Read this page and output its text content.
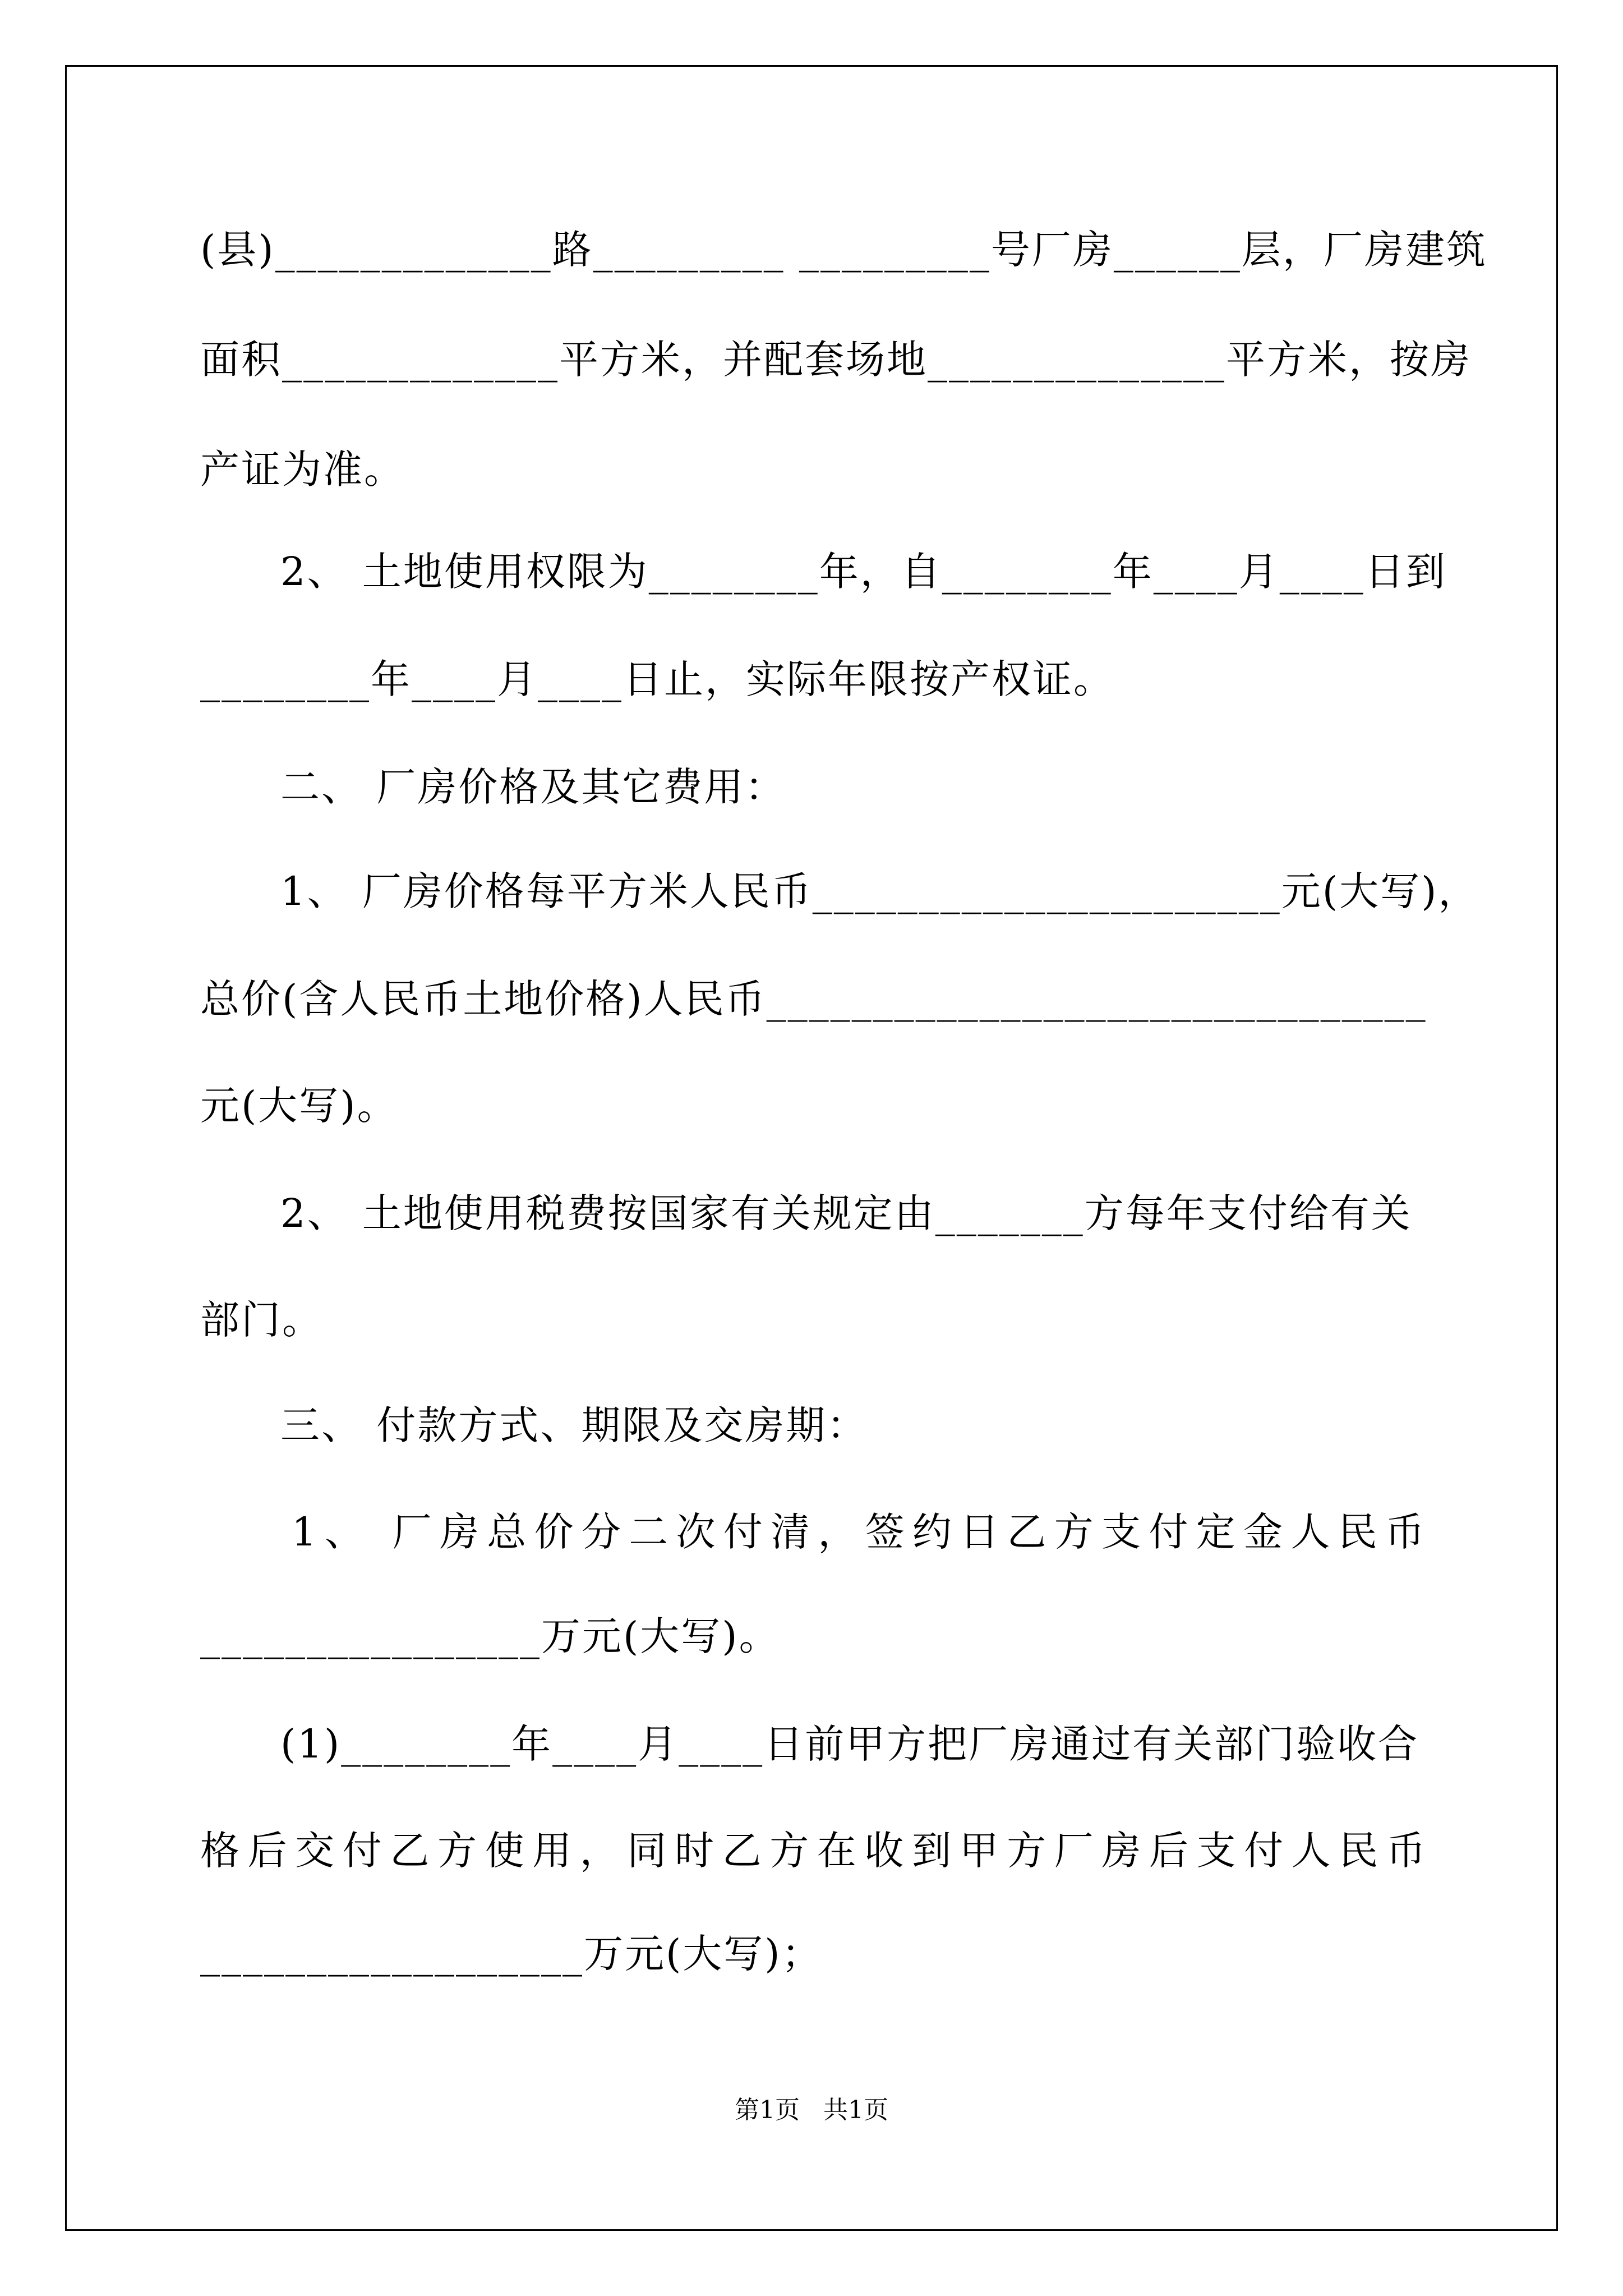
(县)_____________路_________ _________号厂房______层，厂房建筑
面积_____________平方米，并配套场地______________平方米，按房
产证为准。
2、 土地使用权限为________年，自________年____月____日到
________年____月____日止，实际年限按产权证。
二、 厂房价格及其它费用：
1、 厂房价格每平方米人民币______________________元(大写)，
总价(含人民币土地价格)人民币_______________________________
元(大写)。
2、 土地使用税费按国家有关规定由_______方每年支付给有关
部门。
三、 付款方式、期限及交房期：
1、 厂房总价分二次付清，签约日乙方支付定金人民币
________________万元(大写)。
(1)________年____月____日前甲方把厂房通过有关部门验收合
格后交付乙方使用，同时乙方在收到甲方厂房后支付人民币
__________________万元(大写)；
第1页   共1页
